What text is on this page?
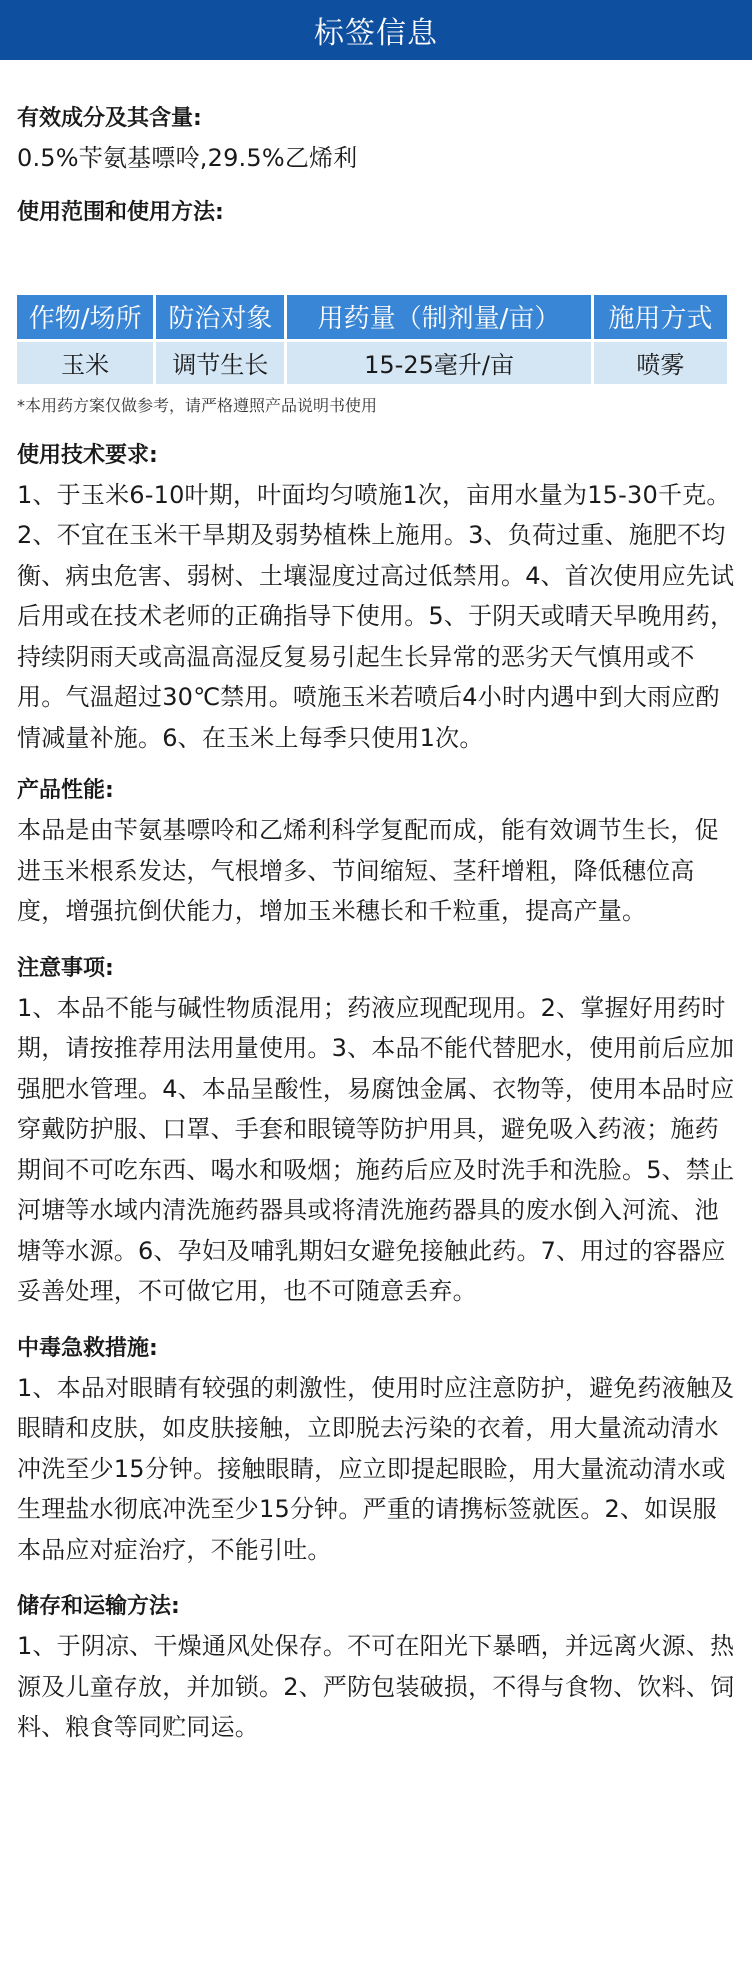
标签信息

有效成分及其含量:

0.5%苄氨基嘌呤,29.5%乙烯利

使用范围和使用方法:

作物/场所	防治对象	用药量（制剂量/亩）	施用方式
玉米	调节生长	15-25毫升/亩	喷雾

*本用药方案仅做参考，请严格遵照产品说明书使用

使用技术要求:

1、于玉米6-10叶期，叶面均匀喷施1次，亩用水量为15-30千克。2、不宜在玉米干旱期及弱势植株上施用。3、负荷过重、施肥不均衡、病虫危害、弱树、土壤湿度过高过低禁用。4、首次使用应先试后用或在技术老师的正确指导下使用。5、于阴天或晴天早晚用药，持续阴雨天或高温高湿反复易引起生长异常的恶劣天气慎用或不用。气温超过30℃禁用。喷施玉米若喷后4小时内遇中到大雨应酌情减量补施。6、在玉米上每季只使用1次。

产品性能:

本品是由苄氨基嘌呤和乙烯利科学复配而成，能有效调节生长，促进玉米根系发达，气根增多、节间缩短、茎秆增粗，降低穗位高度，增强抗倒伏能力，增加玉米穗长和千粒重，提高产量。

注意事项:

1、本品不能与碱性物质混用；药液应现配现用。2、掌握好用药时期，请按推荐用法用量使用。3、本品不能代替肥水，使用前后应加强肥水管理。4、本品呈酸性，易腐蚀金属、衣物等，使用本品时应穿戴防护服、口罩、手套和眼镜等防护用具，避免吸入药液；施药期间不可吃东西、喝水和吸烟；施药后应及时洗手和洗脸。5、禁止河塘等水域内清洗施药器具或将清洗施药器具的废水倒入河流、池塘等水源。6、孕妇及哺乳期妇女避免接触此药。7、用过的容器应妥善处理，不可做它用，也不可随意丢弃。

中毒急救措施:

1、本品对眼睛有较强的刺激性，使用时应注意防护，避免药液触及眼睛和皮肤，如皮肤接触，立即脱去污染的衣着，用大量流动清水冲洗至少15分钟。接触眼睛，应立即提起眼睑，用大量流动清水或生理盐水彻底冲洗至少15分钟。严重的请携标签就医。2、如误服本品应对症治疗，不能引吐。

储存和运输方法:

1、于阴凉、干燥通风处保存。不可在阳光下暴晒，并远离火源、热源及儿童存放，并加锁。2、严防包装破损，不得与食物、饮料、饲料、粮食等同贮同运。
